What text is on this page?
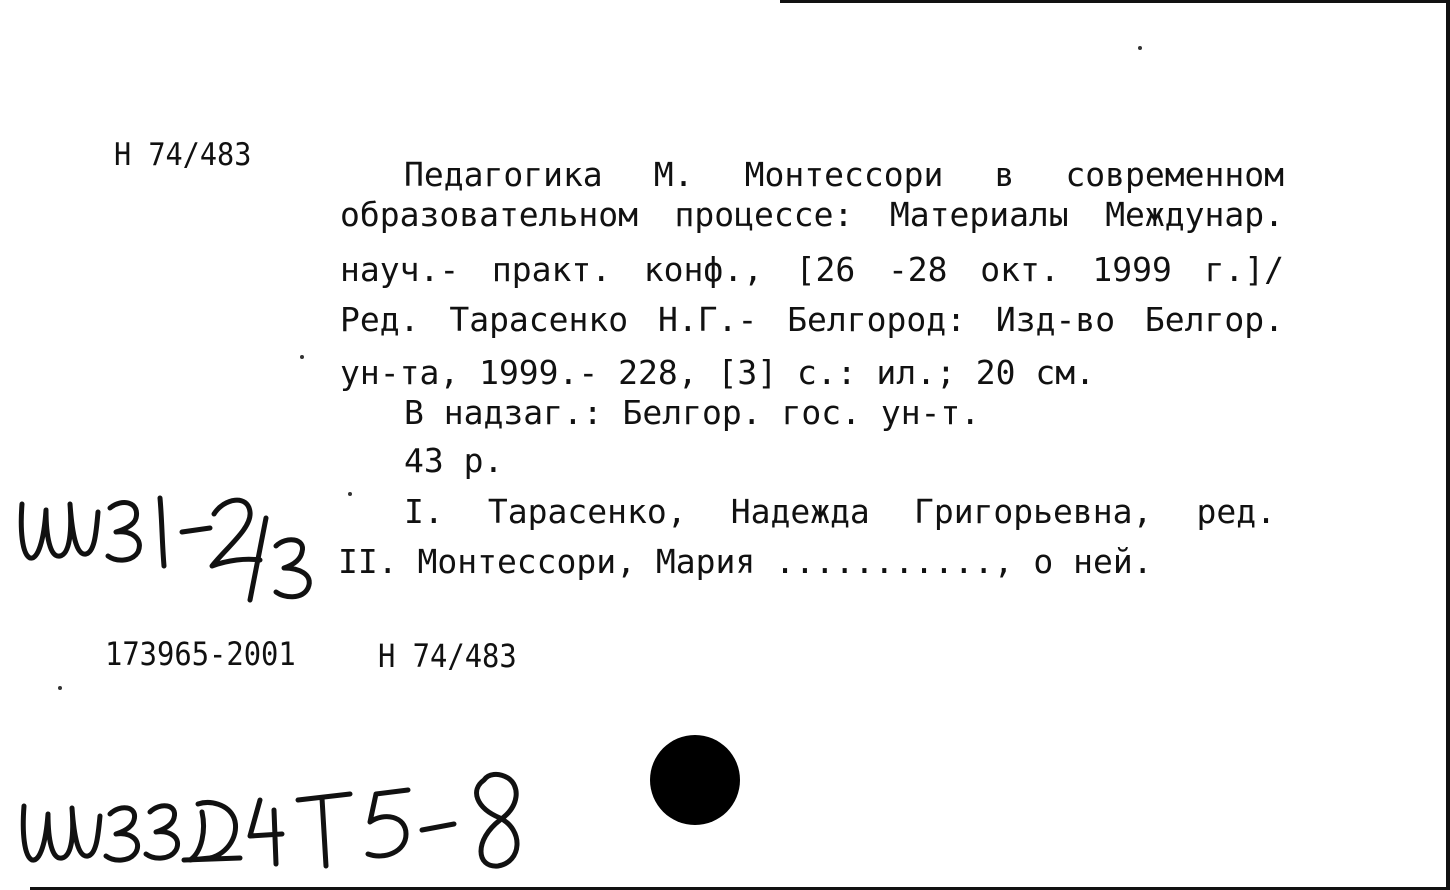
Н 74/483	Педагогика М. Монтессори в современном
образовательном процессе: Материалы Междунар.
науч.- практ. конф., [26 -28 окт. 1999 г.]/
Ред. Тарасенко Н.Г.- Белгород: Изд-во Белгор.
ун-та, 1999.- 228, [3] с.: ил.; 20 см.
В надзаг.: Белгор. гос. ун-т.
43 р.
I. Тарасенко, Надежда Григорьевна, ред.
II. Монтессори, Мария ..........., о ней.
173965-2001	Н 74/483
